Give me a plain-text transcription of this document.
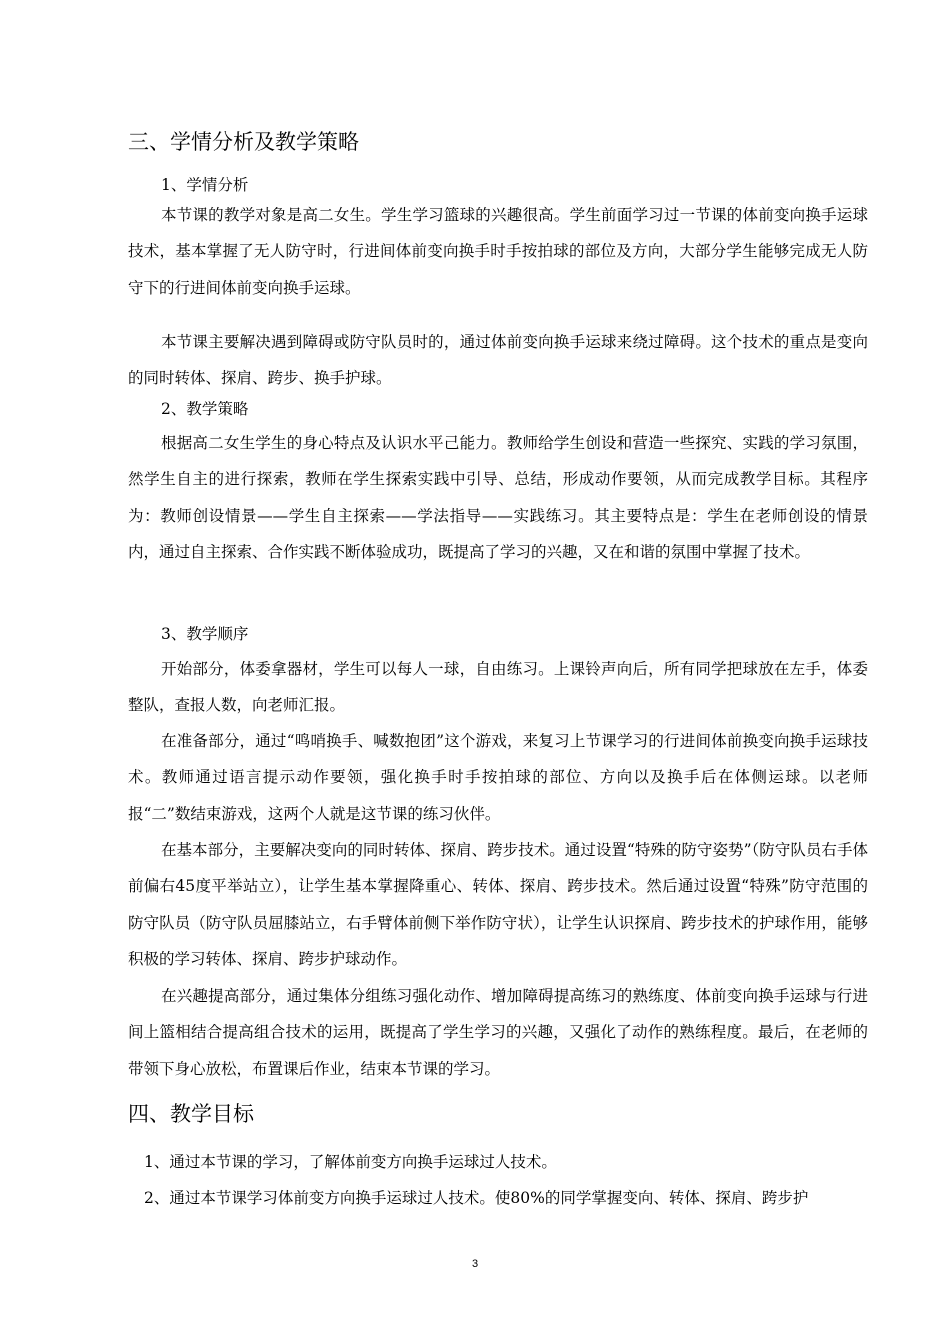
三、学情分析及教学策略
1、学情分析

本节课的教学对象是高二女生。学生学习篮球的兴趣很高。学生前面学习过一节课的体前变向换手运球技术，基本掌握了无人防守时，行进间体前变向换手时手按拍球的部位及方向，大部分学生能够完成无人防守下的行进间体前变向换手运球。

本节课主要解决遇到障碍或防守队员时的，通过体前变向换手运球来绕过障碍。这个技术的重点是变向的同时转体、探肩、跨步、换手护球。

2、教学策略

根据高二女生学生的身心特点及认识水平己能力。教师给学生创设和营造一些探究、实践的学习氛围，然学生自主的进行探索，教师在学生探索实践中引导、总结，形成动作要领，从而完成教学目标。其程序为：教师创设情景——学生自主探索——学法指导——实践练习。其主要特点是：学生在老师创设的情景内，通过自主探索、合作实践不断体验成功，既提高了学习的兴趣，又在和谐的氛围中掌握了技术。

3、教学顺序

开始部分，体委拿器材，学生可以每人一球，自由练习。上课铃声向后，所有同学把球放在左手，体委整队，查报人数，向老师汇报。

在准备部分，通过“鸣哨换手、喊数抱团”这个游戏，来复习上节课学习的行进间体前换变向换手运球技术。教师通过语言提示动作要领，强化换手时手按拍球的部位、方向以及换手后在体侧运球。以老师报“二”数结束游戏，这两个人就是这节课的练习伙伴。

在基本部分，主要解决变向的同时转体、探肩、跨步技术。通过设置“特殊的防守姿势”（防守队员右手体前偏右45度平举站立），让学生基本掌握降重心、转体、探肩、跨步技术。然后通过设置“特殊”防守范围的防守队员（防守队员屈膝站立，右手臂体前侧下举作防守状），让学生认识探肩、跨步技术的护球作用，能够积极的学习转体、探肩、跨步护球动作。

在兴趣提高部分，通过集体分组练习强化动作、增加障碍提高练习的熟练度、体前变向换手运球与行进间上篮相结合提高组合技术的运用，既提高了学生学习的兴趣，又强化了动作的熟练程度。最后，在老师的带领下身心放松，布置课后作业，结束本节课的学习。

四、教学目标
1、通过本节课的学习，了解体前变方向换手运球过人技术。
2、通过本节课学习体前变方向换手运球过人技术。使80%的同学掌握变向、转体、探肩、跨步护
3
